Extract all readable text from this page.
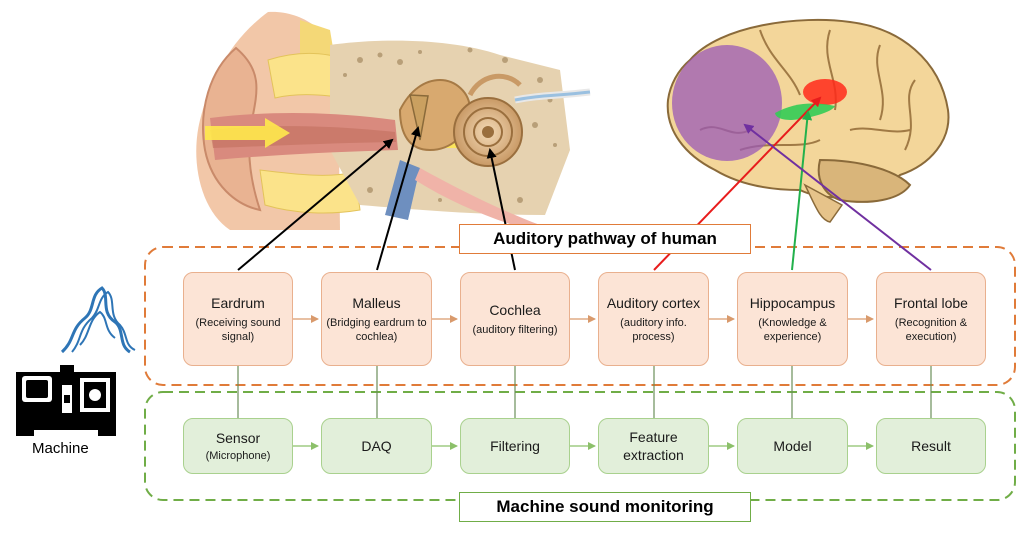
Auditory pathway of human
Machine sound monitoring
Eardrum
(Receiving sound signal)
Malleus
(Bridging eardrum to cochlea)
Cochlea
(auditory filtering)
Auditory cortex
(auditory info. process)
Hippocampus
(Knowledge & experience)
Frontal lobe
(Recognition & execution)
Sensor
(Microphone)
DAQ	Filtering
Feature extraction
Model	Result
Machine
